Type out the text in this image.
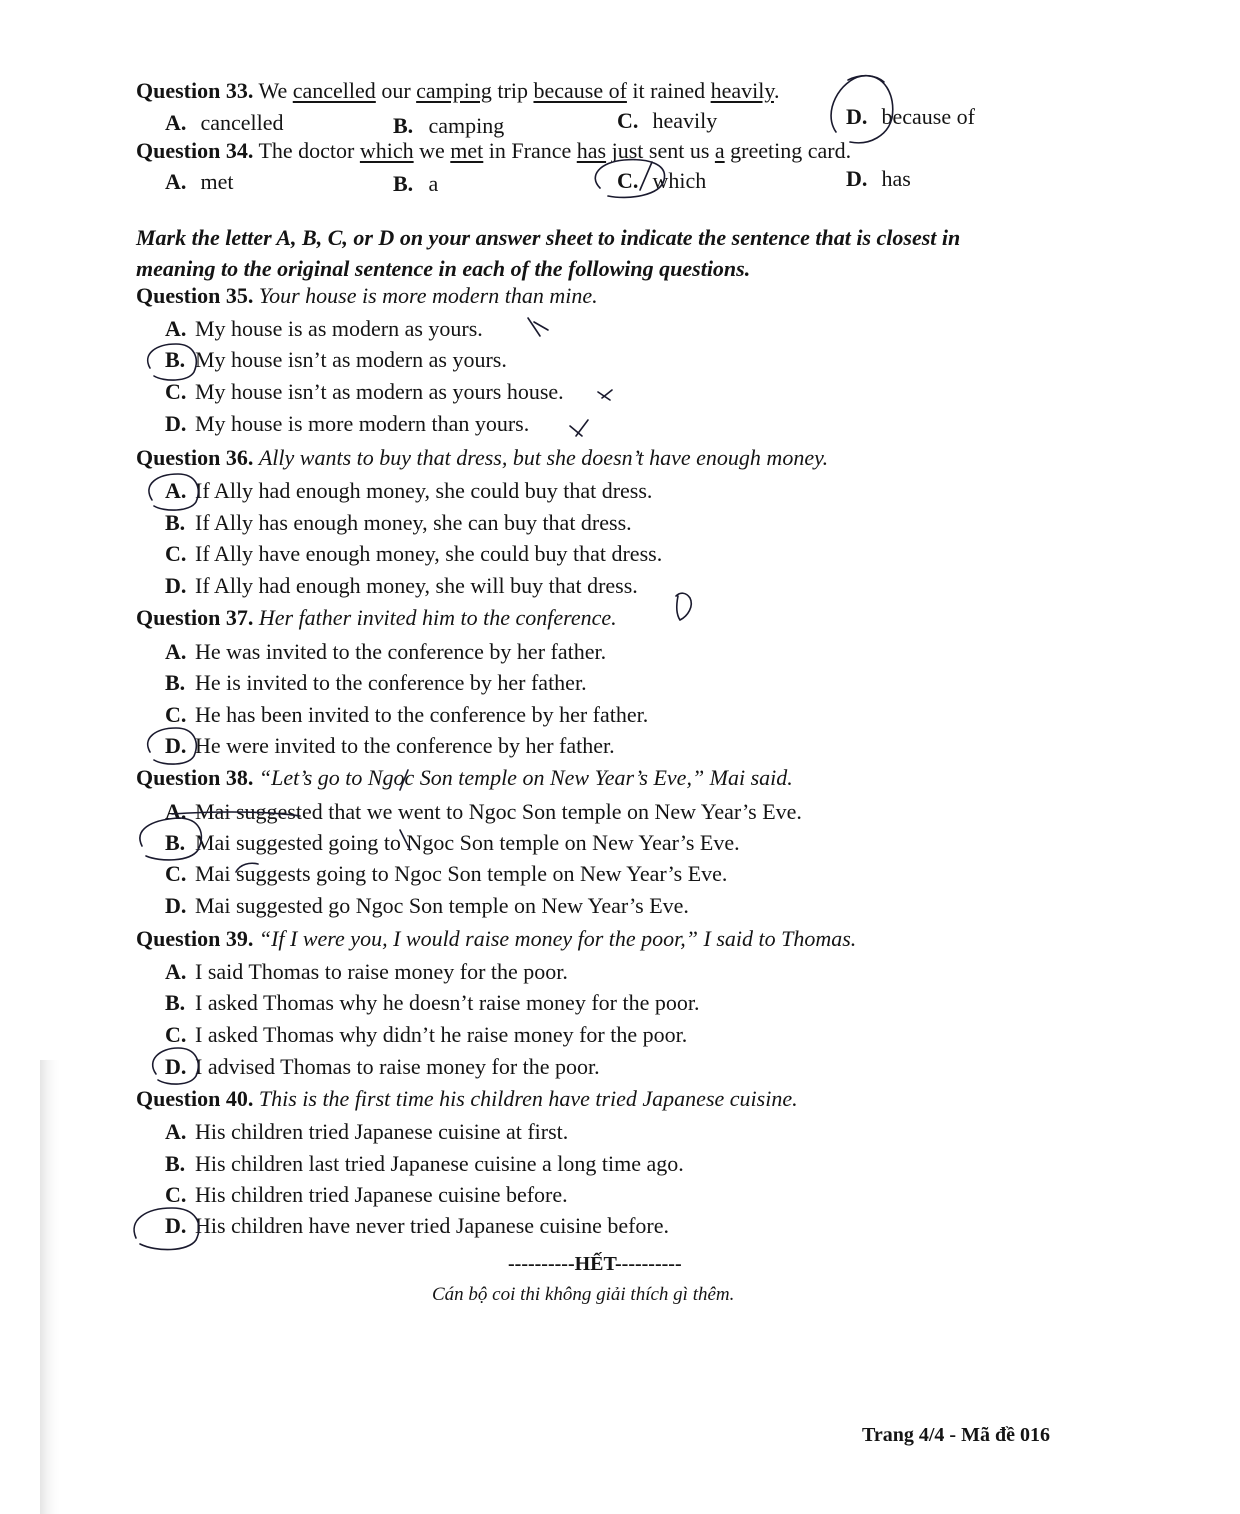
Question 33. We cancelled our camping trip because of it rained heavily.
A. cancelled	B. camping	C. heavily	D. because of
Question 34. The doctor which we met in France has just sent us a greeting card.
A. met	B. a	C. which	D. has
Mark the letter A, B, C, or D on your answer sheet to indicate the sentence that is closest in
meaning to the original sentence in each of the following questions.
Question 35. Your house is more modern than mine.
A. My house is as modern as yours.
B. My house isn’t as modern as yours.
C. My house isn’t as modern as yours house.
D. My house is more modern than yours.
Question 36. Ally wants to buy that dress, but she doesn’t have enough money.
A. If Ally had enough money, she could buy that dress.
B. If Ally has enough money, she can buy that dress.
C. If Ally have enough money, she could buy that dress.
D. If Ally had enough money, she will buy that dress.
Question 37. Her father invited him to the conference.
A. He was invited to the conference by her father.
B. He is invited to the conference by her father.
C. He has been invited to the conference by her father.
D. He were invited to the conference by her father.
Question 38. “Let’s go to Ngoc Son temple on New Year’s Eve,” Mai said.
A. Mai suggested that we went to Ngoc Son temple on New Year’s Eve.
B. Mai suggested going to Ngoc Son temple on New Year’s Eve.
C. Mai suggests going to Ngoc Son temple on New Year’s Eve.
D. Mai suggested go Ngoc Son temple on New Year’s Eve.
Question 39. “If I were you, I would raise money for the poor,” I said to Thomas.
A. I said Thomas to raise money for the poor.
B. I asked Thomas why he doesn’t raise money for the poor.
C. I asked Thomas why didn’t he raise money for the poor.
D. I advised Thomas to raise money for the poor.
Question 40. This is the first time his children have tried Japanese cuisine.
A. His children tried Japanese cuisine at first.
B. His children last tried Japanese cuisine a long time ago.
C. His children tried Japanese cuisine before.
D. His children have never tried Japanese cuisine before.
----------HẾT----------
Cán bộ coi thi không giải thích gì thêm.
Trang 4/4 - Mã đề 016
